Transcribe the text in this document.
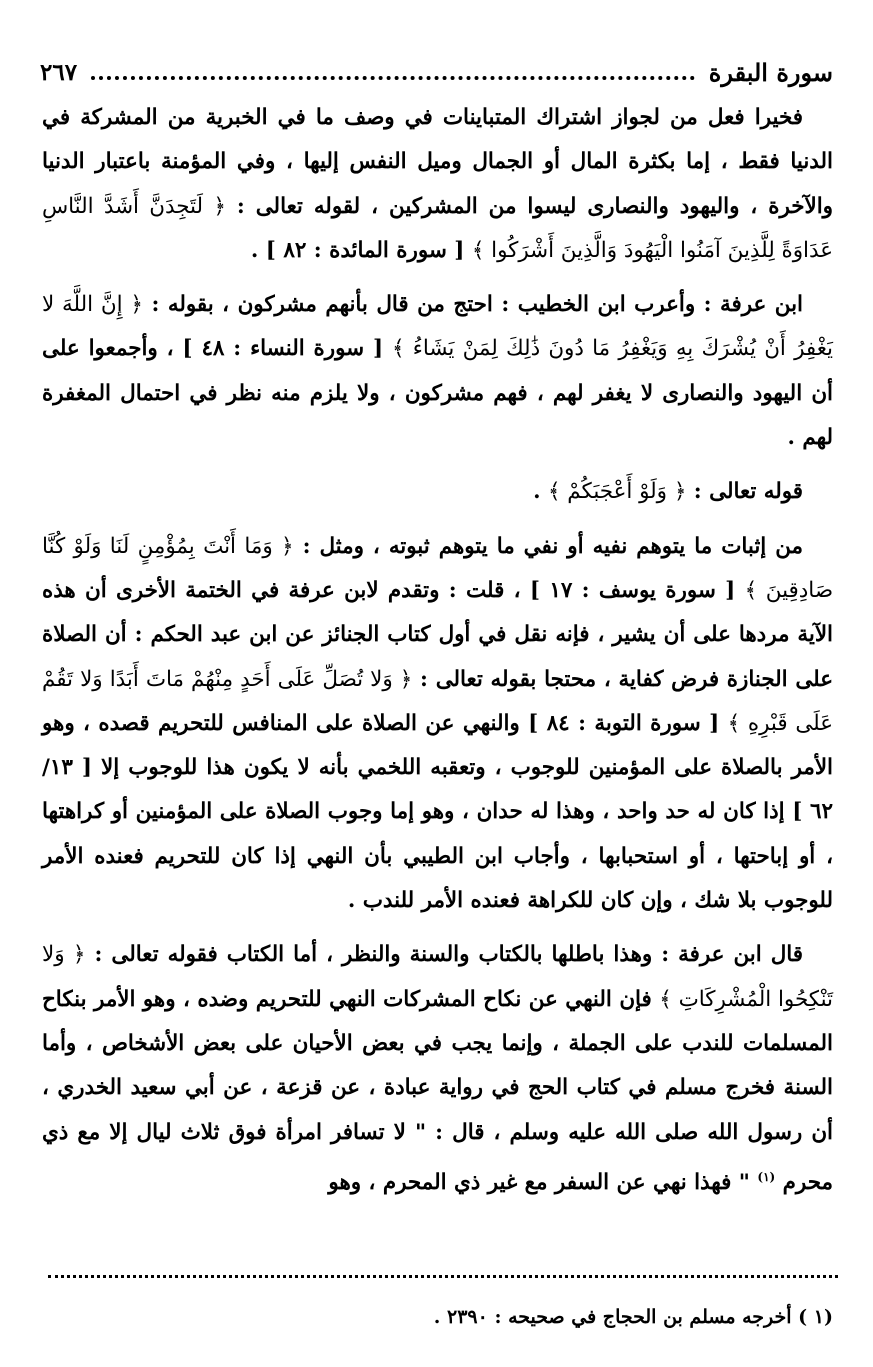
سورة البقرة
٢٦٧

فخيرا فعل من لجواز اشتراك المتباينات في وصف ما في الخبرية من المشركة في الدنيا فقط ، إما بكثرة المال أو الجمال وميل النفس إليها ، وفي المؤمنة باعتبار الدنيا والآخرة ، واليهود والنصارى ليسوا من المشركين ، لقوله تعالى : ﴿ لَتَجِدَنَّ أَشَدَّ النَّاسِ عَدَاوَةً لِلَّذِينَ آمَنُوا الْيَهُودَ وَالَّذِينَ أَشْرَكُوا ﴾ [ سورة المائدة : ٨٢ ] .

ابن عرفة : وأعرب ابن الخطيب : احتج من قال بأنهم مشركون ، بقوله : ﴿ إِنَّ اللَّهَ لا يَغْفِرُ أَنْ يُشْرَكَ بِهِ وَيَغْفِرُ مَا دُونَ ذَٰلِكَ لِمَنْ يَشَاءُ ﴾ [ سورة النساء : ٤٨ ] ، وأجمعوا على أن اليهود والنصارى لا يغفر لهم ، فهم مشركون ، ولا يلزم منه نظر في احتمال المغفرة لهم .

قوله تعالى : ﴿ وَلَوْ أَعْجَبَكُمْ ﴾ .

من إثبات ما يتوهم نفيه أو نفي ما يتوهم ثبوته ، ومثل : ﴿ وَمَا أَنْتَ بِمُؤْمِنٍ لَنَا وَلَوْ كُنَّا صَادِقِينَ ﴾ [ سورة يوسف : ١٧ ] ، قلت : وتقدم لابن عرفة في الختمة الأخرى أن هذه الآية مردها على أن يشير ، فإنه نقل في أول كتاب الجنائز عن ابن عبد الحكم : أن الصلاة على الجنازة فرض كفاية ، محتجا بقوله تعالى : ﴿ وَلا تُصَلِّ عَلَى أَحَدٍ مِنْهُمْ مَاتَ أَبَدًا وَلا تَقُمْ عَلَى قَبْرِهِ ﴾ [ سورة التوبة : ٨٤ ] والنهي عن الصلاة على المنافس للتحريم قصده ، وهو الأمر بالصلاة على المؤمنين للوجوب ، وتعقبه اللخمي بأنه لا يكون هذا للوجوب إلا [ ١٣/ ٦٢ ] إذا كان له حد واحد ، وهذا له حدان ، وهو إما وجوب الصلاة على المؤمنين أو كراهتها ، أو إباحتها ، أو استحبابها ، وأجاب ابن الطيبي بأن النهي إذا كان للتحريم فعنده الأمر للوجوب بلا شك ، وإن كان للكراهة فعنده الأمر للندب .

قال ابن عرفة : وهذا باطلها بالكتاب والسنة والنظر ، أما الكتاب فقوله تعالى : ﴿ وَلا تَنْكِحُوا الْمُشْرِكَاتِ ﴾ فإن النهي عن نكاح المشركات النهي للتحريم وضده ، وهو الأمر بنكاح المسلمات للندب على الجملة ، وإنما يجب في بعض الأحيان على بعض الأشخاص ، وأما السنة فخرج مسلم في كتاب الحج في رواية عبادة ، عن قزعة ، عن أبي سعيد الخدري ، أن رسول الله صلى الله عليه وسلم ، قال : " لا تسافر امرأة فوق ثلاث ليال إلا مع ذي محرم $^{(١)}$ " فهذا نهي عن السفر مع غير ذي المحرم ، وهو

(١ ) أخرجه مسلم بن الحجاج في صحيحه : ٢٣٩٠ .
